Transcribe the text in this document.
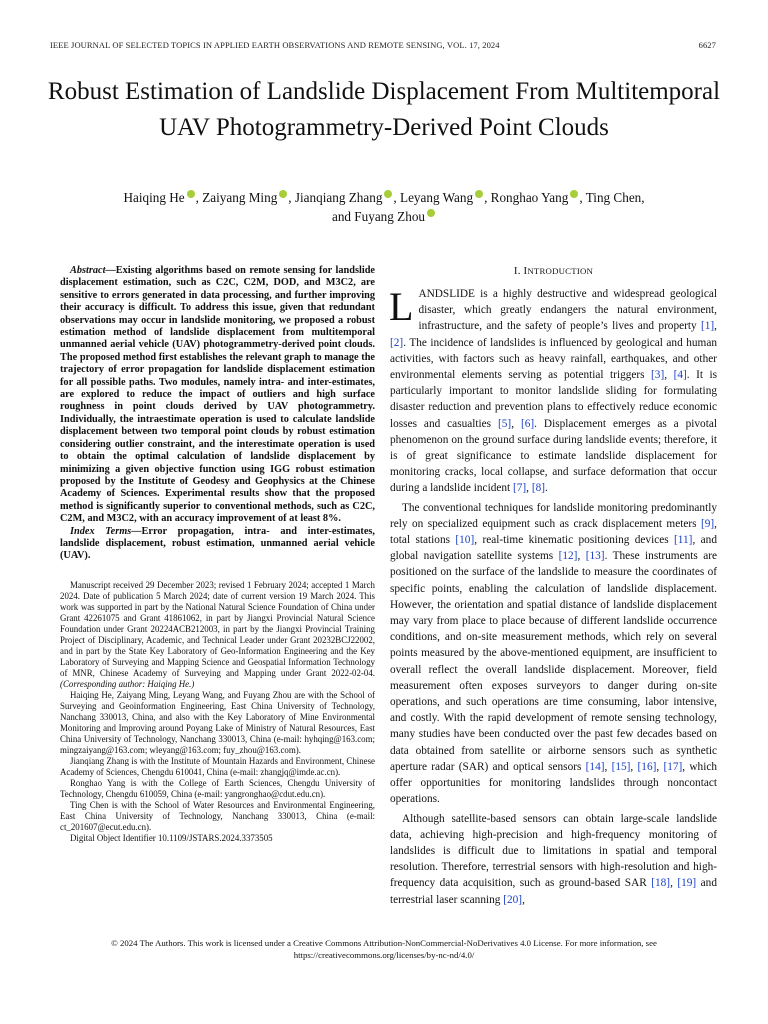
IEEE JOURNAL OF SELECTED TOPICS IN APPLIED EARTH OBSERVATIONS AND REMOTE SENSING, VOL. 17, 2024	6627
Robust Estimation of Landslide Displacement From Multitemporal UAV Photogrammetry-Derived Point Clouds
Haiqing He , Zaiyang Ming , Jianqiang Zhang , Leyang Wang , Ronghao Yang , Ting Chen,
and Fuyang Zhou

Abstract—Existing algorithms based on remote sensing for landslide displacement estimation, such as C2C, C2M, DOD, and M3C2, are sensitive to errors generated in data processing, and further improving their accuracy is difficult. To address this issue, given that redundant observations may occur in landslide monitoring, we proposed a robust estimation method of landslide displacement from multitemporal unmanned aerial vehicle (UAV) photogrammetry-derived point clouds. The proposed method first establishes the relevant graph to manage the trajectory of error propagation for landslide displacement estimation for all possible paths. Two modules, namely intra- and inter-estimates, are explored to reduce the impact of outliers and high surface roughness in point clouds derived by UAV photogrammetry. Individually, the intraestimate operation is used to calculate landslide displacement between two temporal point clouds by robust estimation considering outlier constraint, and the interestimate operation is used to obtain the optimal calculation of landslide displacement by minimizing a given objective function using IGG robust estimation proposed by the Institute of Geodesy and Geophysics at the Chinese Academy of Sciences. Experimental results show that the proposed method is significantly superior to conventional methods, such as C2C, C2M, and M3C2, with an accuracy improvement of at least 8%.

Index Terms—Error propagation, intra- and inter-estimates, landslide displacement, robust estimation, unmanned aerial vehicle (UAV).

Manuscript received 29 December 2023; revised 1 February 2024; accepted 1 March 2024. Date of publication 5 March 2024; date of current version 19 March 2024. This work was supported in part by the National Natural Science Foundation of China under Grant 42261075 and Grant 41861062, in part by Jiangxi Provincial Natural Science Foundation under Grant 20224ACB212003, in part by the Jiangxi Provincial Training Project of Disciplinary, Academic, and Technical Leader under Grant 20232BCJ22002, and in part by the State Key Laboratory of Geo-Information Engineering and the Key Laboratory of Surveying and Mapping Science and Geospatial Information Technology of MNR, Chinese Academy of Surveying and Mapping under Grant 2022-02-04. (Corresponding author: Haiqing He.)

Haiqing He, Zaiyang Ming, Leyang Wang, and Fuyang Zhou are with the School of Surveying and Geoinformation Engineering, East China University of Technology, Nanchang 330013, China, and also with the Key Laboratory of Mine Environmental Monitoring and Improving around Poyang Lake of Ministry of Natural Resources, East China University of Technology, Nanchang 330013, China (e-mail: hyhqing@163.com; mingzaiyang@163.com; wleyang@163.com; fuy_zhou@163.com).

Jianqiang Zhang is with the Institute of Mountain Hazards and Environment, Chinese Academy of Sciences, Chengdu 610041, China (e-mail: zhangjq@imde.ac.cn).

Ronghao Yang is with the College of Earth Sciences, Chengdu University of Technology, Chengdu 610059, China (e-mail: yangronghao@cdut.edu.cn).

Ting Chen is with the School of Water Resources and Environmental Engineering, East China University of Technology, Nanchang 330013, China (e-mail: ct_201607@ecut.edu.cn).

Digital Object Identifier 10.1109/JSTARS.2024.3373505

I. INTRODUCTION

LANDSLIDE is a highly destructive and widespread geological disaster, which greatly endangers the natural environment, infrastructure, and the safety of people’s lives and property [1], [2]. The incidence of landslides is influenced by geological and human activities, with factors such as heavy rainfall, earthquakes, and other environmental elements serving as potential triggers [3], [4]. It is particularly important to monitor landslide sliding for formulating disaster reduction and prevention plans to effectively reduce economic losses and casualties [5], [6]. Displacement emerges as a pivotal phenomenon on the ground surface during landslide events; therefore, it is of great significance to estimate landslide displacement for monitoring cracks, local collapse, and surface deformation that occur during a landslide incident [7], [8].

The conventional techniques for landslide monitoring predominantly rely on specialized equipment such as crack displacement meters [9], total stations [10], real-time kinematic positioning devices [11], and global navigation satellite systems [12], [13]. These instruments are positioned on the surface of the landslide to measure the coordinates of specific points, enabling the calculation of landslide displacement. However, the orientation and spatial distance of landslide displacement may vary from place to place because of different landslide occurrence conditions, and on-site measurement methods, which rely on several points measured by the above-mentioned equipment, are insufficient to overall reflect the overall landslide displacement. Moreover, field measurement often exposes surveyors to danger during on-site operations, and such operations are time consuming, labor intensive, and costly. With the rapid development of remote sensing technology, many studies have been conducted over the past few decades based on data obtained from satellite or airborne sensors such as synthetic aperture radar (SAR) and optical sensors [14], [15], [16], [17], which offer opportunities for monitoring landslides through noncontact operations.

Although satellite-based sensors can obtain large-scale landslide data, achieving high-precision and high-frequency monitoring of landslides is difficult due to limitations in spatial and temporal resolution. Therefore, terrestrial sensors with high-resolution and high-frequency data acquisition, such as ground-based SAR [18], [19] and terrestrial laser scanning [20],

© 2024 The Authors. This work is licensed under a Creative Commons Attribution-NonCommercial-NoDerivatives 4.0 License. For more information, see
https://creativecommons.org/licenses/by-nc-nd/4.0/
